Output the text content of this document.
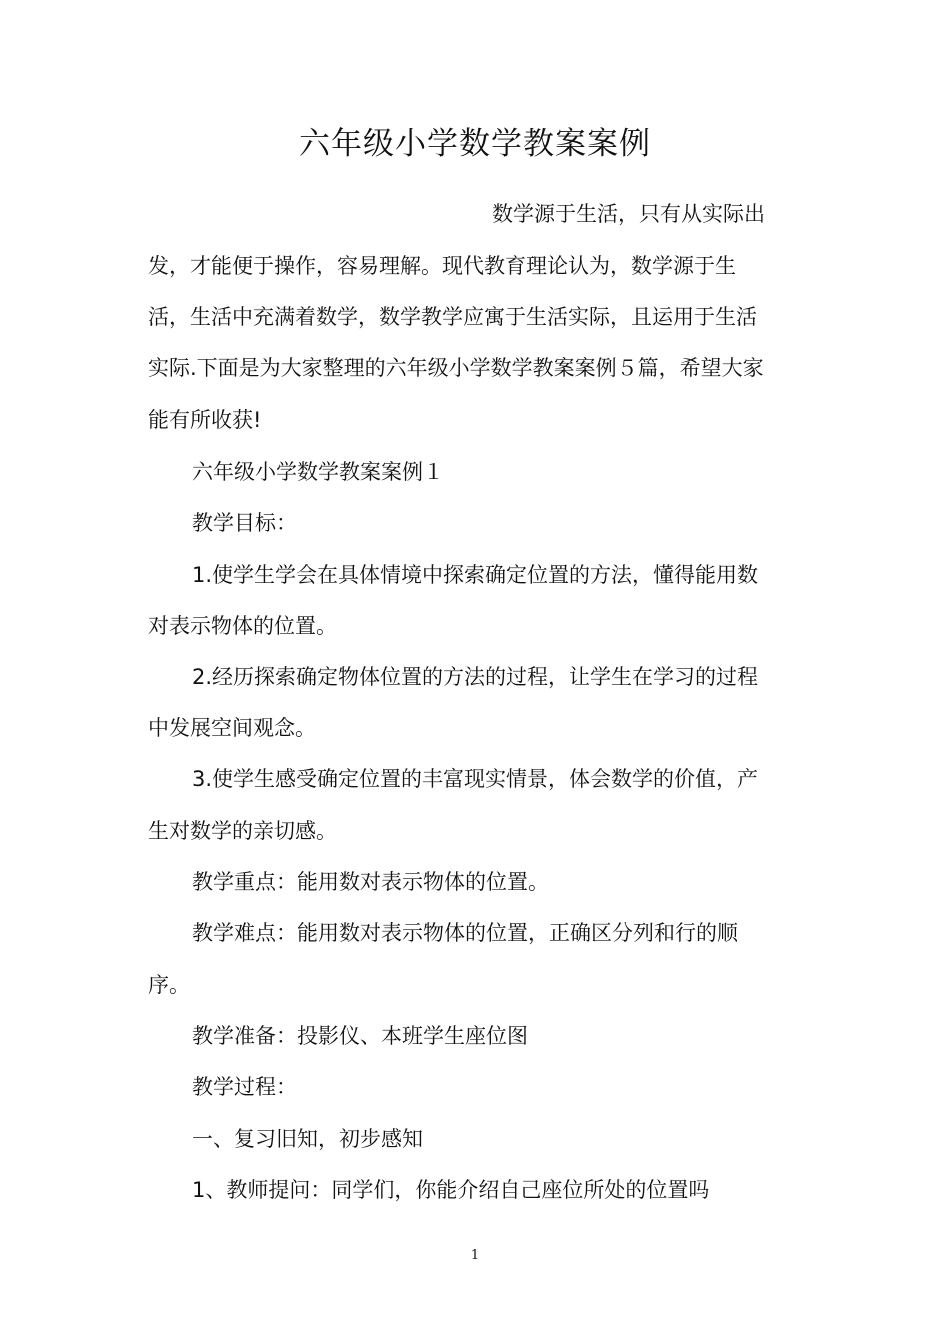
六年级小学数学教案案例
数学源于生活，只有从实际出
发，才能便于操作，容易理解。现代教育理论认为，数学源于生
活，生活中充满着数学，数学教学应寓于生活实际，且运用于生活
实际.下面是为大家整理的六年级小学数学教案案例５篇，希望大家
能有所收获!
六年级小学数学教案案例１
教学目标：
1.使学生学会在具体情境中探索确定位置的方法，懂得能用数
对表示物体的位置。
2.经历探索确定物体位置的方法的过程，让学生在学习的过程
中发展空间观念。
3.使学生感受确定位置的丰富现实情景，体会数学的价值，产
生对数学的亲切感。
教学重点：能用数对表示物体的位置。
教学难点：能用数对表示物体的位置，正确区分列和行的顺
序。
教学准备：投影仪、本班学生座位图
教学过程：
一、复习旧知，初步感知
1、教师提问：同学们，你能介绍自己座位所处的位置吗
1
